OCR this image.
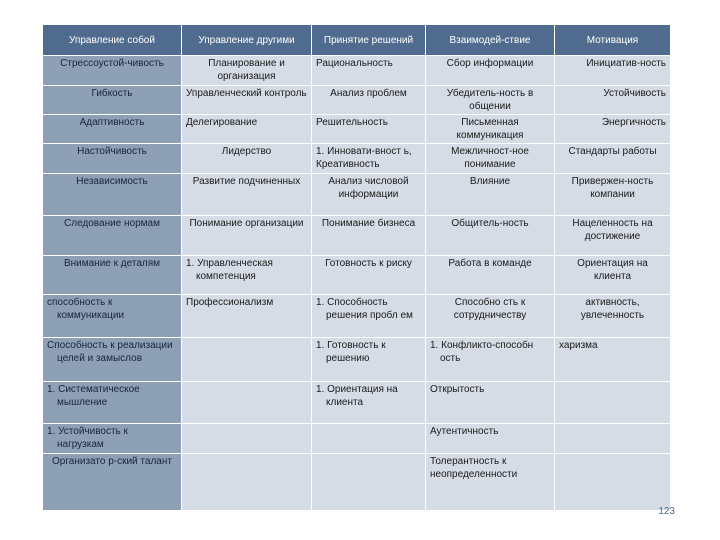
Управление собой	Управление другими	Принятие решений	Взаимодей-ствие	Мотивация
Стрессоустой-чивость	Планирование и организация	Рациональность	Сбор информации	Инициатив-ность
Гибкость	Управленческий контроль	Анализ проблем	Убедитель-ность в общении	Устойчивость
Адаптивность	Делегирование	Решительность	Письменная коммуникация	Энергичность
Настойчивость	Лидерство	1. Инновати-вност ь, Креативность	Межличност-ное понимание	Стандарты работы
Независимость	Развитие подчиненных	Анализ числовой информации	Влияние	Привержен-ность компании
Следование нормам	Понимание организации	Понимание бизнеса	Общитель-ность	Нацеленность на достижение
Внимание к деталям	1. Управленческая компетенция	Готовность к риску	Работа в команде	Ориентация на клиента
способность к коммуникации	Профессионализм	1. Способность решения пробл ем	Способно сть к сотрудничеству	активность, увлеченность
Способность к реализации целей и замыслов		1. Готовность к решению	1. Конфликто-способн ость	харизма
1. Систематическое мышление		1. Ориентация на клиента	Открытость	
1. Устойчивость к нагрузкам			Аутентичность	
Организато р-ский талант			Толерантность к неопределенности	
123
